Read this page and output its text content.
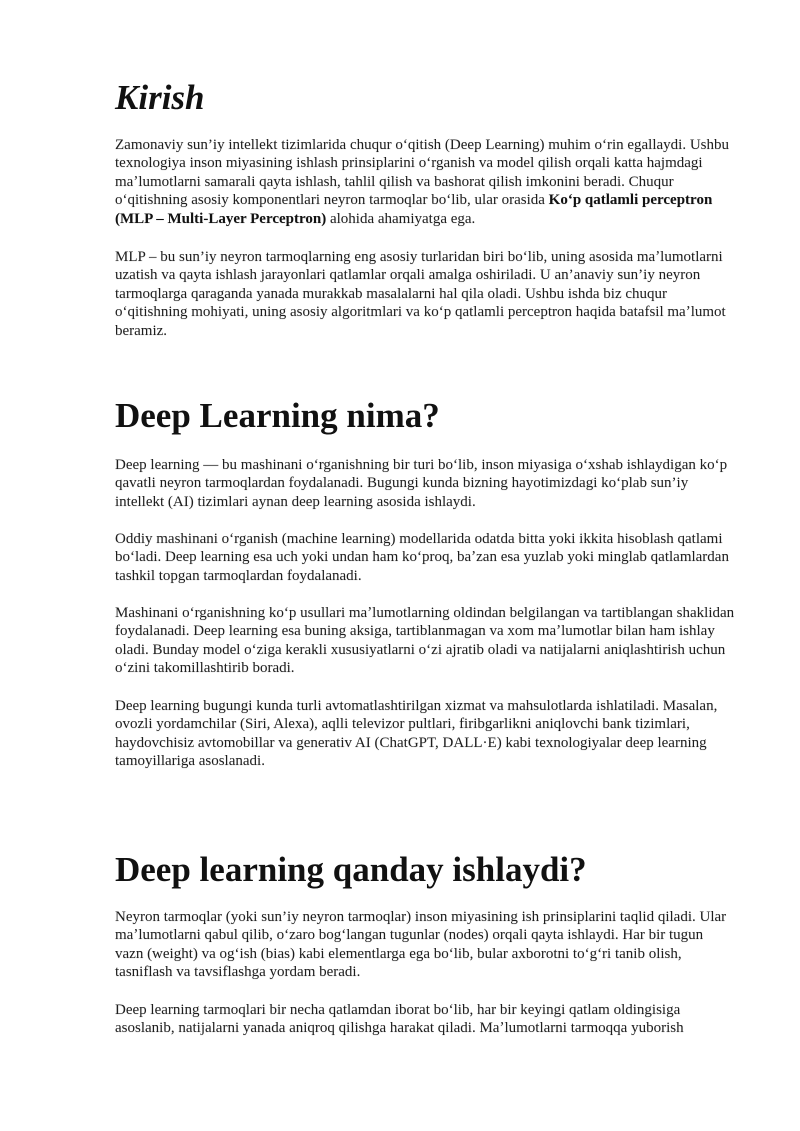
Kirish

Zamonaviy sun’iy intellekt tizimlarida chuqur oʻqitish (Deep Learning) muhim oʻrin egallaydi. Ushbu texnologiya inson miyasining ishlash prinsiplarini oʻrganish va model qilish orqali katta hajmdagi maʼlumotlarni samarali qayta ishlash, tahlil qilish va bashorat qilish imkonini beradi. Chuqur oʻqitishning asosiy komponentlari neyron tarmoqlar boʻlib, ular orasida Koʻp qatlamli perceptron (MLP – Multi-Layer Perceptron) alohida ahamiyatga ega.

MLP – bu sun’iy neyron tarmoqlarning eng asosiy turlaridan biri boʻlib, uning asosida maʼlumotlarni uzatish va qayta ishlash jarayonlari qatlamlar orqali amalga oshiriladi. U an’anaviy sun’iy neyron tarmoqlarga qaraganda yanada murakkab masalalarni hal qila oladi. Ushbu ishda biz chuqur oʻqitishning mohiyati, uning asosiy algoritmlari va koʻp qatlamli perceptron haqida batafsil maʼlumot beramiz.

Deep Learning nima?

Deep learning — bu mashinani oʻrganishning bir turi boʻlib, inson miyasiga oʻxshab ishlaydigan koʻp qavatli neyron tarmoqlardan foydalanadi. Bugungi kunda bizning hayotimizdagi koʻplab sun’iy intellekt (AI) tizimlari aynan deep learning asosida ishlaydi.

Oddiy mashinani oʻrganish (machine learning) modellarida odatda bitta yoki ikkita hisoblash qatlami boʻladi. Deep learning esa uch yoki undan ham koʻproq, baʼzan esa yuzlab yoki minglab qatlamlardan tashkil topgan tarmoqlardan foydalanadi.

Mashinani oʻrganishning koʻp usullari maʼlumotlarning oldindan belgilangan va tartiblangan shaklidan foydalanadi. Deep learning esa buning aksiga, tartiblanmagan va xom maʼlumotlar bilan ham ishlay oladi. Bunday model oʻziga kerakli xususiyatlarni oʻzi ajratib oladi va natijalarni aniqlashtirish uchun oʻzini takomillashtirib boradi.

Deep learning bugungi kunda turli avtomatlashtirilgan xizmat va mahsulotlarda ishlatiladi. Masalan, ovozli yordamchilar (Siri, Alexa), aqlli televizor pultlari, firibgarlikni aniqlovchi bank tizimlari, haydovchisiz avtomobillar va generativ AI (ChatGPT, DALL·E) kabi texnologiyalar deep learning tamoyillariga asoslanadi.

Deep learning qanday ishlaydi?

Neyron tarmoqlar (yoki sun’iy neyron tarmoqlar) inson miyasining ish prinsiplarini taqlid qiladi. Ular maʼlumotlarni qabul qilib, oʻzaro bogʻlangan tugunlar (nodes) orqali qayta ishlaydi. Har bir tugun vazn (weight) va ogʻish (bias) kabi elementlarga ega boʻlib, bular axborotni toʻgʻri tanib olish, tasniflash va tavsiflashga yordam beradi.

Deep learning tarmoqlari bir necha qatlamdan iborat boʻlib, har bir keyingi qatlam oldingisiga asoslanib, natijalarni yanada aniqroq qilishga harakat qiladi. Maʼlumotlarni tarmoqqa yuborish
